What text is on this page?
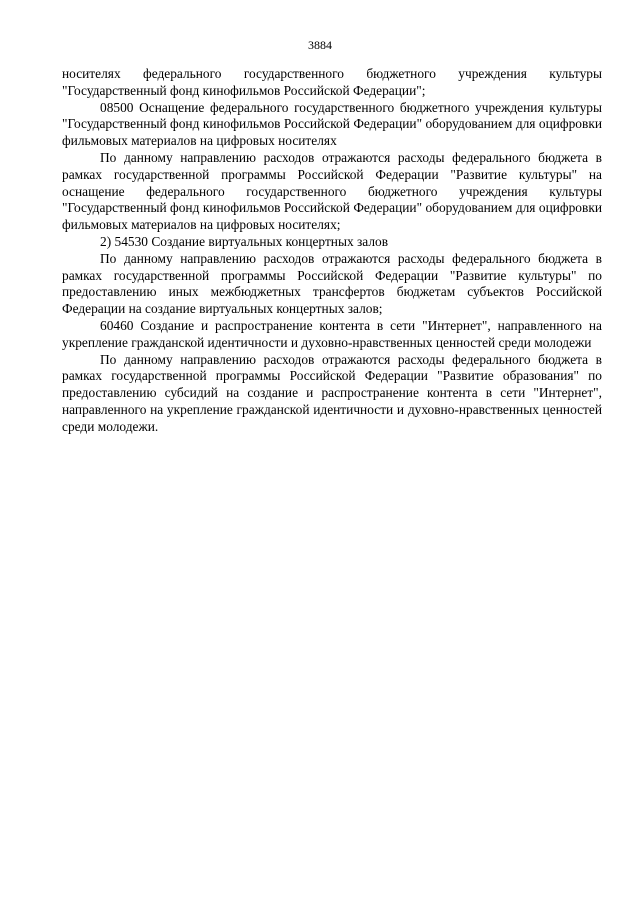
3884

носителях федерального государственного бюджетного учреждения культуры "Государственный фонд кинофильмов Российской Федерации";

08500 Оснащение федерального государственного бюджетного учреждения культуры "Государственный фонд кинофильмов Российской Федерации" оборудованием для оцифровки фильмовых материалов на цифровых носителях

По данному направлению расходов отражаются расходы федерального бюджета в рамках государственной программы Российской Федерации "Развитие культуры" на оснащение федерального государственного бюджетного учреждения культуры "Государственный фонд кинофильмов Российской Федерации" оборудованием для оцифровки фильмовых материалов на цифровых носителях;

2) 54530 Создание виртуальных концертных залов

По данному направлению расходов отражаются расходы федерального бюджета в рамках государственной программы Российской Федерации "Развитие культуры" по предоставлению иных межбюджетных трансфертов бюджетам субъектов Российской Федерации на создание виртуальных концертных залов;

60460 Создание и распространение контента в сети "Интернет", направленного на укрепление гражданской идентичности и духовно-нравственных ценностей среди молодежи

По данному направлению расходов отражаются расходы федерального бюджета в рамках государственной программы Российской Федерации "Развитие образования" по предоставлению субсидий на создание и распространение контента в сети "Интернет", направленного на укрепление гражданской идентичности и духовно-нравственных ценностей среди молодежи.
